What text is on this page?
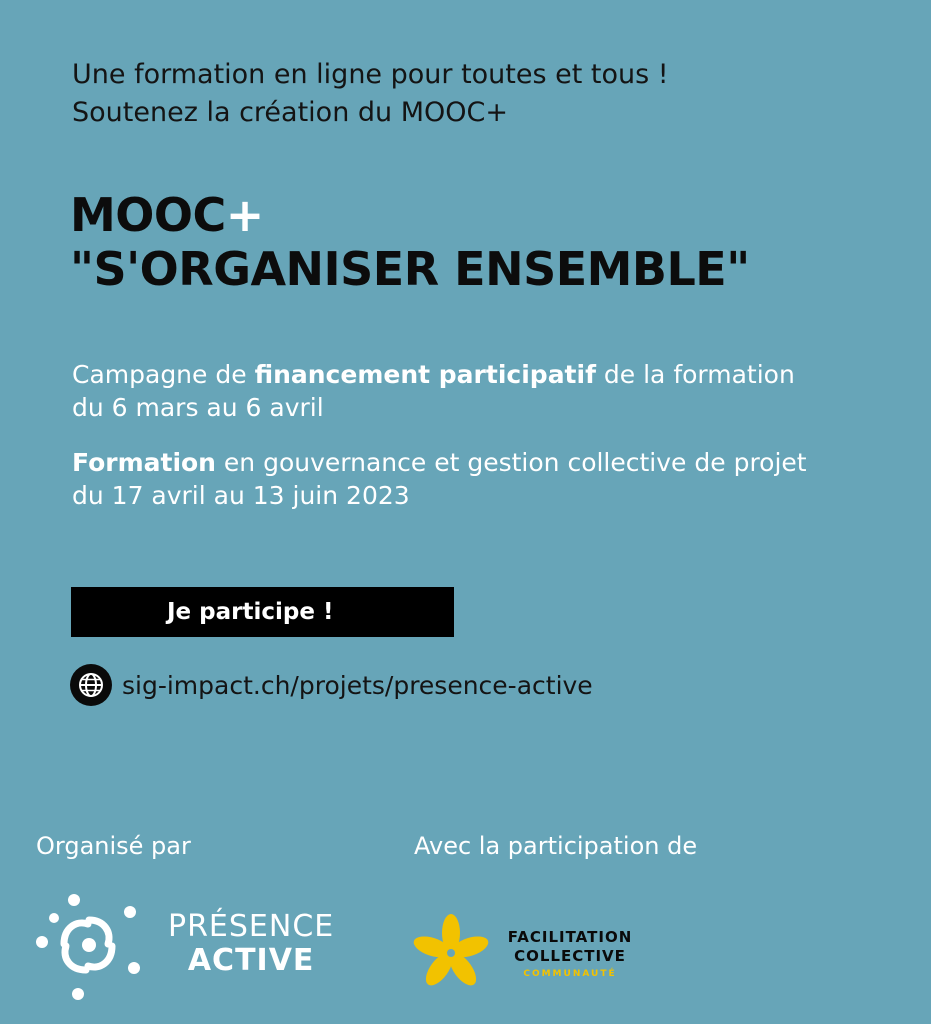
Une formation en ligne pour toutes et tous !
Soutenez la création du MOOC+
MOOC+
"S'ORGANISER ENSEMBLE"
Campagne de financement participatif de la formation
du 6 mars au 6 avril
Formation en gouvernance et gestion collective de projet
du 17 avril au 13 juin 2023
Je participe !
sig-impact.ch/projets/presence-active
Organisé par	Avec la participation de
PRÉSENCE
ACTIVE
FACILITATION
COLLECTIVE
COMMUNAUTÉ
